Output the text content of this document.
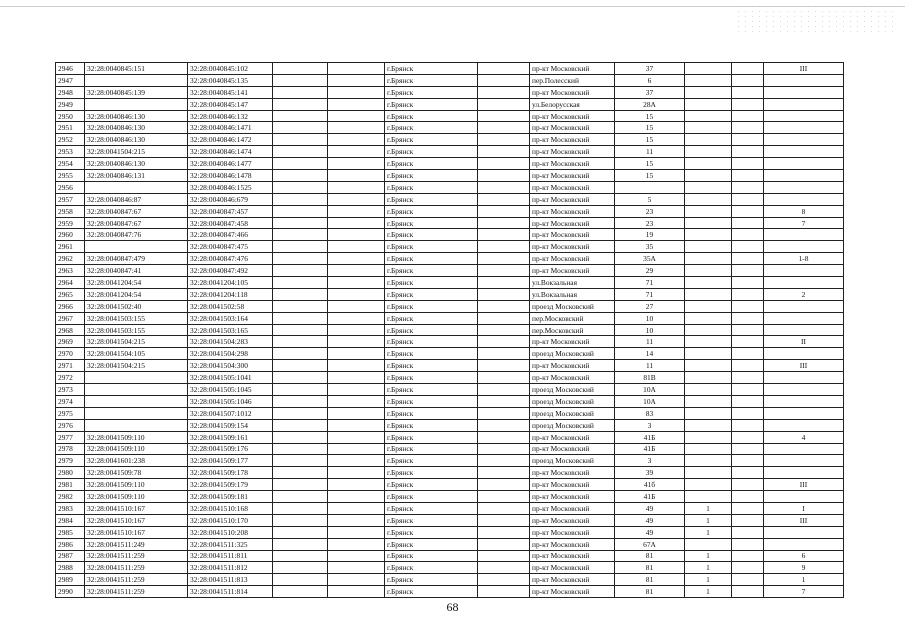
2946	32:28:0040845:151	32:28:0040845:102			г.Брянск		пр-кт Московский	37			III
2947		32:28:0040845:135			г.Брянск		пер.Полесский	6			
2948	32:28:0040845:139	32:28:0040845:141			г.Брянск		пр-кт Московский	37			
2949		32:28:0040845:147			г.Брянск		ул.Белорусская	28А			
2950	32:28:0040846:130	32:28:0040846:132			г.Брянск		пр-кт Московский	15			
2951	32:28:0040846:130	32:28:0040846:1471			г.Брянск		пр-кт Московский	15			
2952	32:28:0040846:130	32:28:0040846:1472			г.Брянск		пр-кт Московский	15			
2953	32:28:0041504:215	32:28:0040846:1474			г.Брянск		пр-кт Московский	11			
2954	32:28:0040846:130	32:28:0040846:1477			г.Брянск		пр-кт Московский	15			
2955	32:28:0040846:131	32:28:0040846:1478			г.Брянск		пр-кт Московский	15			
2956		32:28:0040846:1525			г.Брянск		пр-кт Московский				
2957	32:28:0040846:87	32:28:0040846:679			г.Брянск		пр-кт Московский	5			
2958	32:28:0040847:67	32:28:0040847:457			г.Брянск		пр-кт Московский	23			8
2959	32:28:0040847:67	32:28:0040847:458			г.Брянск		пр-кт Московский	23			7
2960	32:28:0040847:76	32:28:0040847:466			г.Брянск		пр-кт Московский	19			
2961		32:28:0040847:475			г.Брянск		пр-кт Московский	35			
2962	32:28:0040847:479	32:28:0040847:476			г.Брянск		пр-кт Московский	35А			1-8
2963	32:28:0040847:41	32:28:0040847:492			г.Брянск		пр-кт Московский	29			
2964	32:28:0041204:54	32:28:0041204:105			г.Брянск		ул.Вокзальная	71			
2965	32:28:0041204:54	32:28:0041204:118			г.Брянск		ул.Вокзальная	71			2
2966	32:28:0041502:40	32:28:0041502:58			г.Брянск		проезд Московский	27			
2967	32:28:0041503:155	32:28:0041503:164			г.Брянск		пер.Московский	10			
2968	32:28:0041503:155	32:28:0041503:165			г.Брянск		пер.Московский	10			
2969	32:28:0041504:215	32:28:0041504:283			г.Брянск		пр-кт Московский	11			II
2970	32:28:0041504:105	32:28:0041504:298			г.Брянск		проезд Московский	14			
2971	32:28:0041504:215	32:28:0041504:300			г.Брянск		пр-кт Московский	11			III
2972		32:28:0041505:1041			г.Брянск		пр-кт Московский	81В			
2973		32:28:0041505:1045			г.Брянск		проезд Московский	10А			
2974		32:28:0041505:1046			г.Брянск		проезд Московский	10А			
2975		32:28:0041507:1012			г.Брянск		проезд Московский	83			
2976		32:28:0041509:154			г.Брянск		проезд Московский	3			
2977	32:28:0041509:110	32:28:0041509:161			г.Брянск		пр-кт Московский	41Б			4
2978	32:28:0041509:110	32:28:0041509:176			г.Брянск		пр-кт Московский	41Б			
2979	32:28:0041601:238	32:28:0041509:177			г.Брянск		проезд Московский	3			
2980	32:28:0041509:78	32:28:0041509:178			г.Брянск		пр-кт Московский	39			
2981	32:28:0041509:110	32:28:0041509:179			г.Брянск		пр-кт Московский	41б			III
2982	32:28:0041509:110	32:28:0041509:181			г.Брянск		пр-кт Московский	41Б			
2983	32:28:0041510:167	32:28:0041510:168			г.Брянск		пр-кт Московский	49	1		I
2984	32:28:0041510:167	32:28:0041510:170			г.Брянск		пр-кт Московский	49	1		III
2985	32:28:0041510:167	32:28:0041510:208			г.Брянск		пр-кт Московский	49	1		
2986	32:28:0041511:249	32:28:0041511:325			г.Брянск		пр-кт Московский	67А			
2987	32:28:0041511:259	32:28:0041511:811			г.Брянск		пр-кт Московский	81	1		6
2988	32:28:0041511:259	32:28:0041511:812			г.Брянск		пр-кт Московский	81	1		9
2989	32:28:0041511:259	32:28:0041511:813			г.Брянск		пр-кт Московский	81	1		1
2990	32:28:0041511:259	32:28:0041511:814			г.Брянск		пр-кт Московский	81	1		7
68
